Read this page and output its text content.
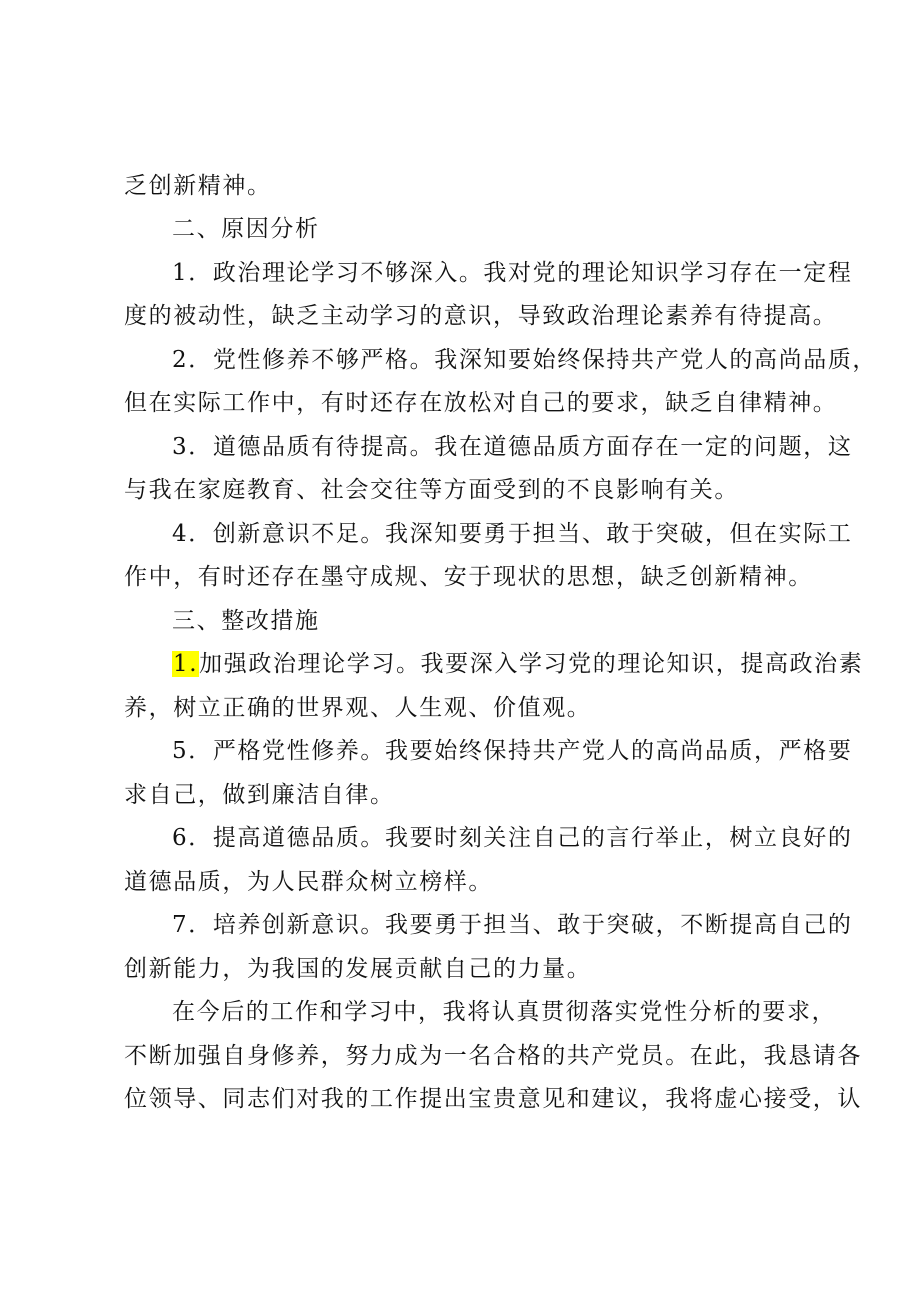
乏创新精神。
二、原因分析
1．政治理论学习不够深入。我对党的理论知识学习存在一定程
度的被动性，缺乏主动学习的意识，导致政治理论素养有待提高。
2．党性修养不够严格。我深知要始终保持共产党人的高尚品质，
但在实际工作中，有时还存在放松对自己的要求，缺乏自律精神。
3．道德品质有待提高。我在道德品质方面存在一定的问题，这
与我在家庭教育、社会交往等方面受到的不良影响有关。
4．创新意识不足。我深知要勇于担当、敢于突破，但在实际工
作中，有时还存在墨守成规、安于现状的思想，缺乏创新精神。
三、整改措施
1.加强政治理论学习。我要深入学习党的理论知识，提高政治素
养，树立正确的世界观、人生观、价值观。
5．严格党性修养。我要始终保持共产党人的高尚品质，严格要
求自己，做到廉洁自律。
6．提高道德品质。我要时刻关注自己的言行举止，树立良好的
道德品质，为人民群众树立榜样。
7．培养创新意识。我要勇于担当、敢于突破，不断提高自己的
创新能力，为我国的发展贡献自己的力量。
在今后的工作和学习中，我将认真贯彻落实党性分析的要求，
不断加强自身修养，努力成为一名合格的共产党员。在此，我恳请各
位领导、同志们对我的工作提出宝贵意见和建议，我将虚心接受，认
